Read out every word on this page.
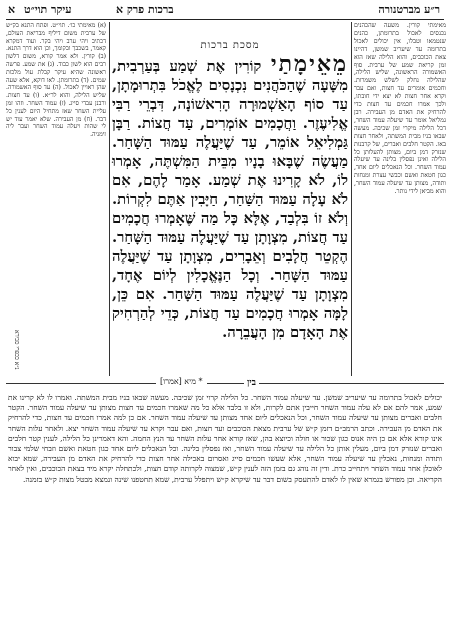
ר״ע מברטנורה
ברכות פרק א
א עיקר תוי״ט
מאימתי קורין. משעה שהכהנים נכנסים לאכול בתרומתן, כהנים שנטמאו וטבלו, אין יכולים לאכול בתרומה עד שיעריב שמשן, דהיינו צאת הכוכבים, והוא הלילה שאז הוא זמן קריאת שמע של ערבית. סוף האשמורה הראשונה, שליש הלילה, שהלילה נחלק לשלש משמרות. וחכמים אומרים עד חצות, ואם עבר וקרא אחר חצות לא יצא ידי חובתו, ולכך אמרו חכמים עד חצות כדי להרחיק את האדם מן העבירה. רבן גמליאל אומר עד שיעלה עמוד השחר, דכל הלילה מיקרי זמן שכיבה. מעשה שבאו בניו מבית המשתה, ולאחר חצות באו. הקטר חלבים ואברים, של קרבנות שנזרק דמן ביום, מצותן להעלותן כל הלילה ואינן נפסלין בלינה עד שיעלה עמוד השחר. וכל הנאכלים ליום אחד, כגון חטאת ואשם וכבשי עצרת ומנחות ותודה, מצותן עד שיעלה עמוד השחר, והוא מביאן לידי נותר.
מסכת ברכות
מֵאֵימָתַי קוֹרִין אֶת שְׁמַע בְּעַרְבִית, מִשָּׁעָה שֶׁהַכֹּהֲנִים נִכְנָסִים לֶאֱכֹל בִּתְרוּמָתָן, עַד סוֹף הָאַשְׁמוּרָה הָרִאשׁוֹנָה, דִּבְרֵי רַבִּי אֱלִיעֶזֶר. וַחֲכָמִים אוֹמְרִים, עַד חֲצוֹת. רַבָּן גַּמְלִיאֵל אוֹמֵר, עַד שֶׁיַּעֲלֶה עַמּוּד הַשָּׁחַר. מַעֲשֶׂה שֶׁבָּאוּ בָנָיו מִבֵּית הַמִּשְׁתֶּה, אָמְרוּ לוֹ, לֹא קָרִינוּ אֶת שְׁמַע. אָמַר לָהֶם, אִם לֹא עָלָה עַמּוּד הַשַּׁחַר, חַיָּבִין אַתֶּם לִקְרוֹת. וְלֹא זוֹ בִּלְבַד, אֶלָּא כָּל מַה שֶּׁאָמְרוּ חֲכָמִים עַד חֲצוֹת, מִצְוָתָן עַד שֶׁיַּעֲלֶה עַמּוּד הַשָּׁחַר. הֶקְטֵר חֲלָבִים וְאֵבָרִים, מִצְוָתָן עַד שֶׁיַּעֲלֶה עַמּוּד הַשָּׁחַר. וְכָל הַנֶּאֱכָלִין לְיוֹם אֶחָד, מִצְוָתָן עַד שֶׁיַּעֲלֶה עַמּוּד הַשָּׁחַר. אִם כֵּן, לָמָּה אָמְרוּ חֲכָמִים עַד חֲצוֹת, כְּדֵי לְהַרְחִיק אֶת הָאָדָם מִן הָעֲבֵרָה.
(א) מאימתי כו׳. תוי״ט. ופתח התנא בק״ש של ערבית משום דיליף מבריאת העולם, דכתיב ויהי ערב ויהי בקר. ועוד דמקרא קאמר, בשכבך ובקומך, וכן הוא דרך התנא. (ב) קורין. ולא אמר קורא, משום דלשון רבים הוא לשון כבוד. (ג) את שמע. פרשה ראשונה שהיא עיקר קבלת עול מלכות שמים. (ד) בתרומתן. לאו דוקא, אלא שעה שהן ראויין לאכול. (ה) עד סוף האשמורה. שליש הלילה, והוא לר״א. (ו) עד חצות. ורבנן עבדי סייג. (ז) עמוד השחר. וזהו זמן עליית השחר שאז מתחיל היום לענין כל דבר. (ח) מן העבירה. שלא יאמר עוד יש לי שהות ויעלה עמוד השחר ועבר ליה זימניה.
נ״א ככפרי סבירא
בין
* מיא [אמרו]
יכולים לאכול בתרומה עד שיעריב שמשן. עד שיעלה עמוד השחר. כל הלילה קרוי זמן שכיבה. מעשה שבאו בניו מבית המשתה. ואמרו לו לא קרינו את שמע, אמר להם אם לא עלה עמוד השחר חייבין אתם לקרות, ולא זו בלבד אלא כל מה שאמרו חכמים עד חצות מצותן עד שיעלה עמוד השחר. הקטר חלבים ואברים מצותן עד שיעלה עמוד השחר, וכל הנאכלים ליום אחד מצותן עד שיעלה עמוד השחר. אם כן למה אמרו חכמים עד חצות, כדי להרחיק את האדם מן העבירה. וכתב הרמב״ם דזמן ק״ש של ערבית מצאת הכוכבים ועד חצות, ואם עבר וקרא עד שיעלה עמוד השחר יצא. ולאחר עלות השחר אינו קורא אלא אם כן היה אנוס כגון שכור או חולה וכיוצא בהן, שאז קורא אחר עלות השחר עד הנץ החמה. והא דאמרינן כל הלילה, לענין קטר חלבים ואברים שנזרק דמן ביום, מעלין אותן כל הלילה עד שיעלה עמוד השחר, ואז נפסלין בלינה. וכל הנאכלים ליום אחד כגון חטאת ואשם וזבחי שלמי צבור ותודה ומנחות, נאכלין עד שיעלה עמוד השחר, אלא שעשו חכמים סייג ואסרום באכילה אחר חצות כדי להרחיק את האדם מן העבירה, שמא יבוא לאוכלן אחר עמוד השחר ויתחייב כרת. ודין זה נוהג גם בזמן הזה לענין ק״ש, שמצוה לקרותה קודם חצות, ולכתחלה יקרא מיד בצאת הכוכבים, ואין לאחר הקריאה. וכן מפורש בגמרא שאין לו לאדם להתעסק בשום דבר עד שיקרא ק״ש ויתפלל ערבית, שמא תחטפנו שינה ונמצא מבטל מצות ק״ש בזמנה.
